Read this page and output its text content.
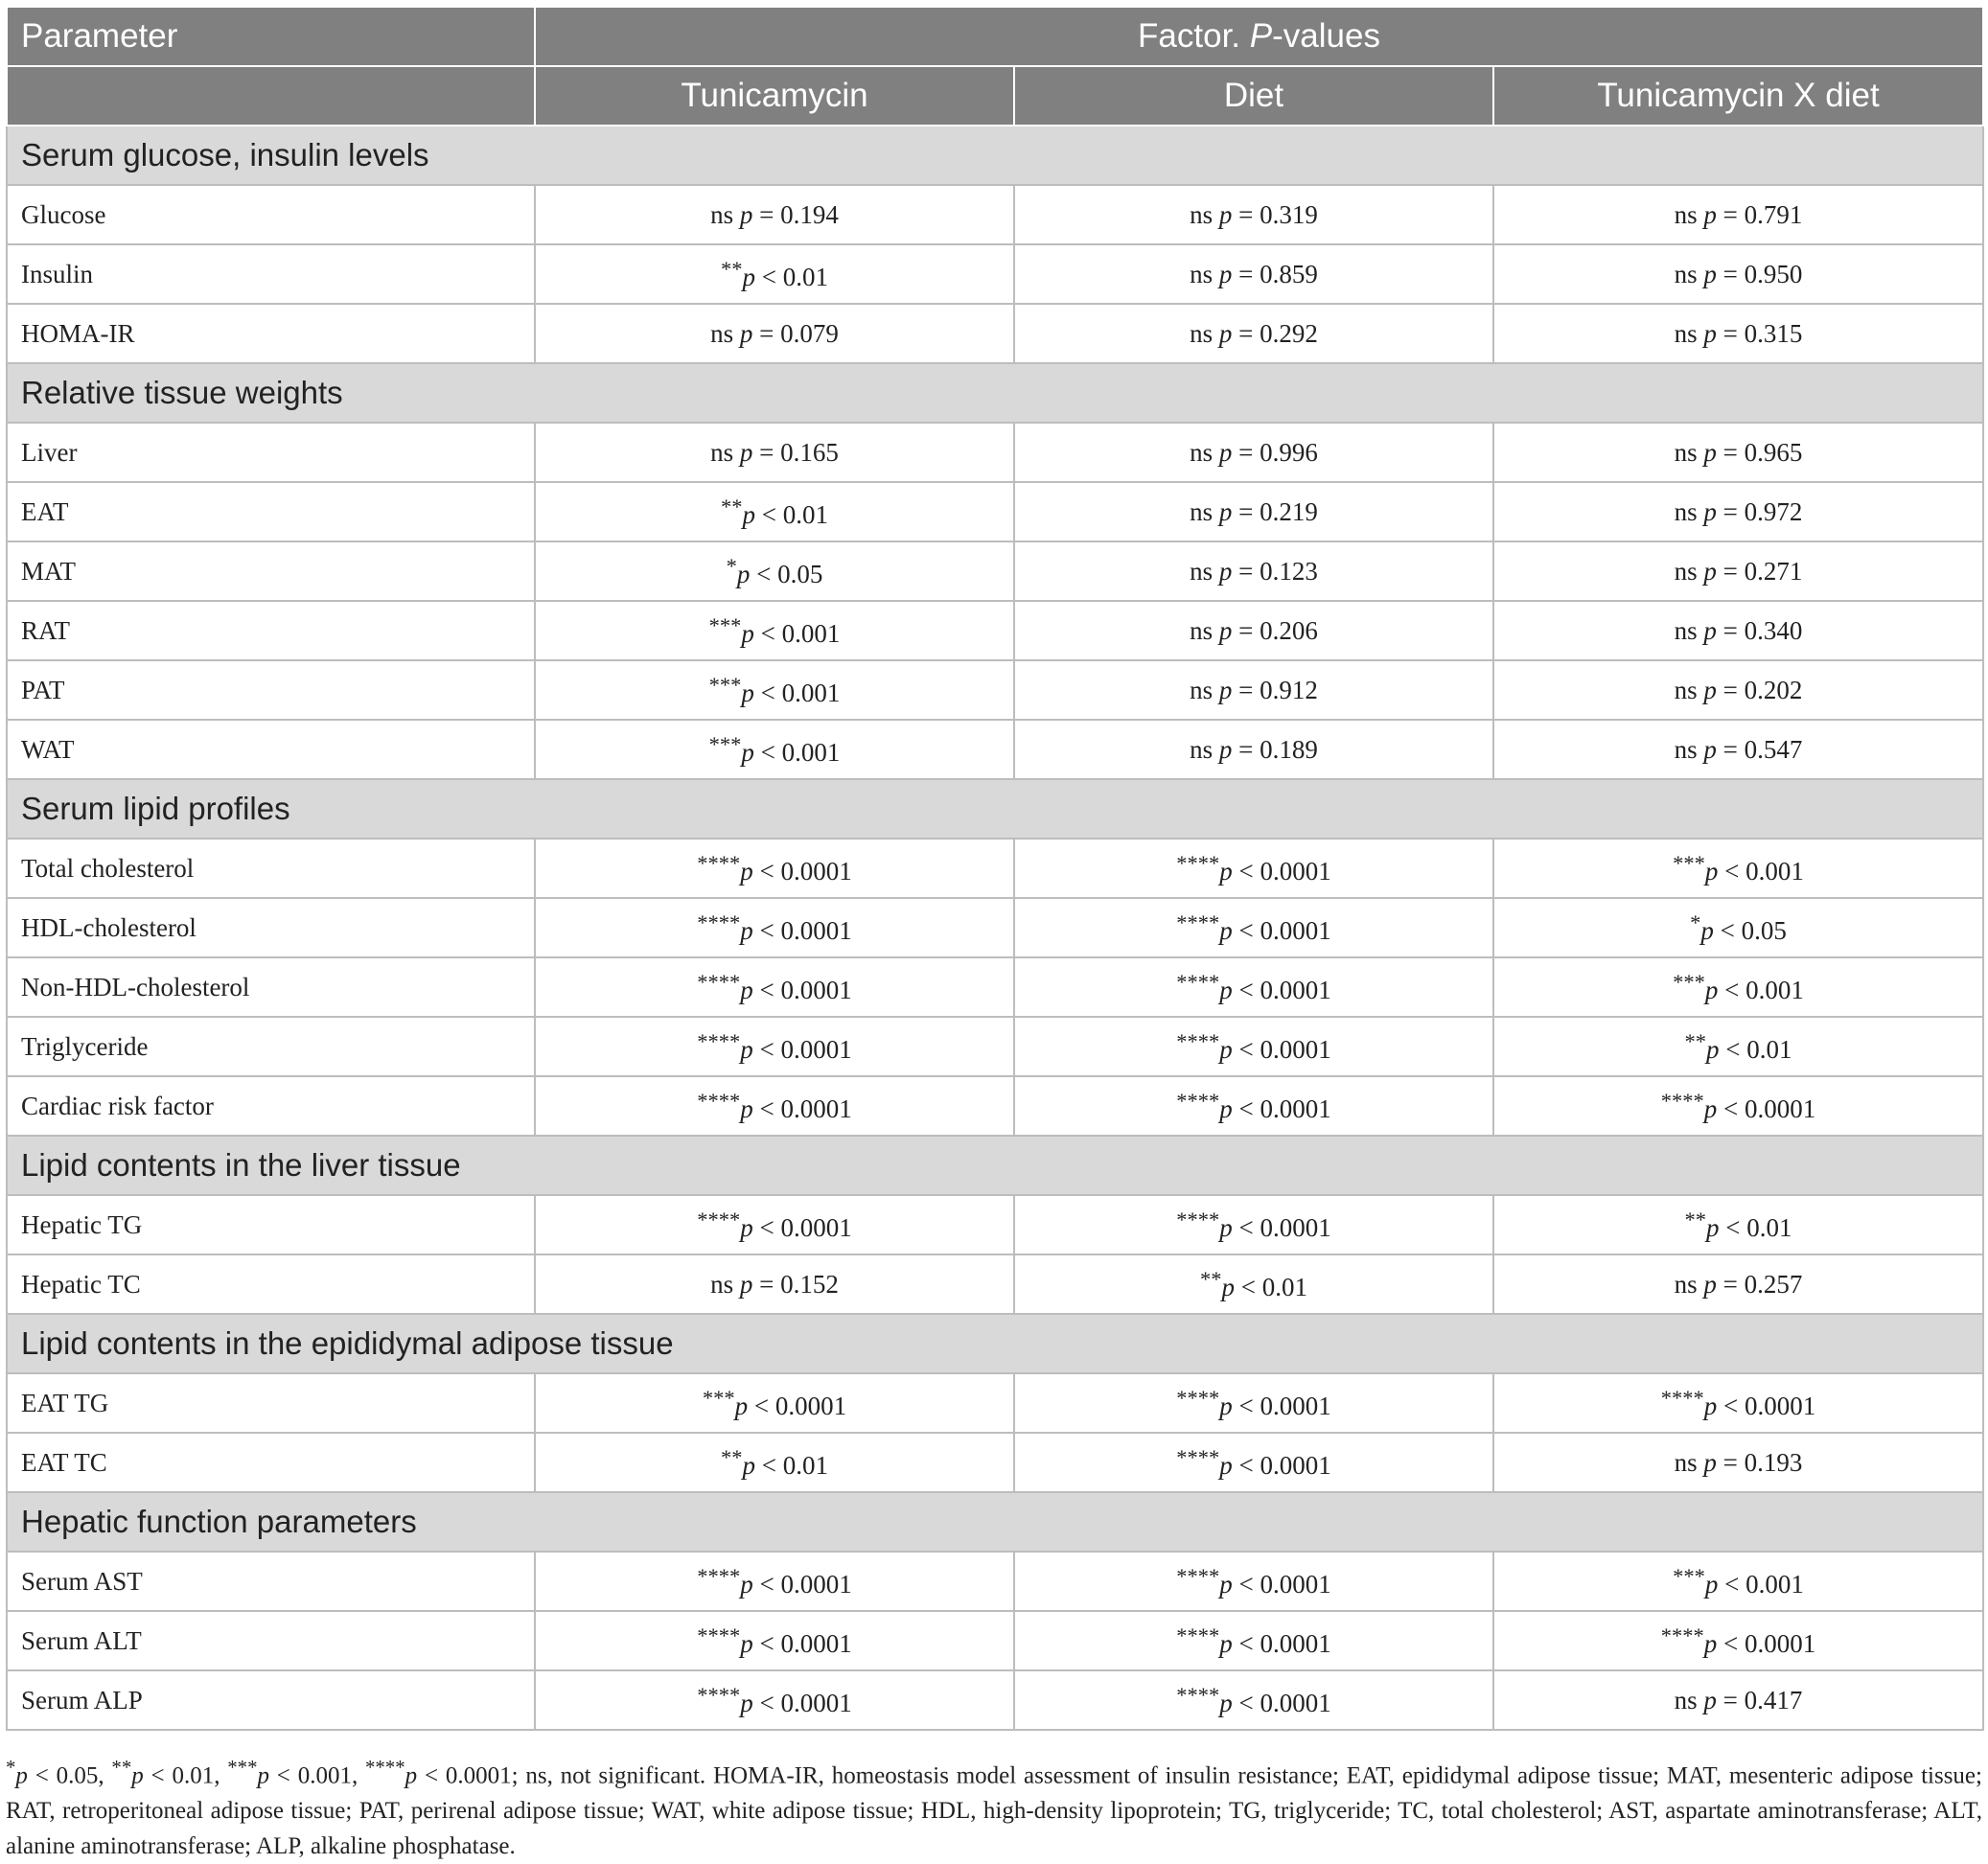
Parameter	Factor. P-values		
	Tunicamycin	Diet	Tunicamycin X diet
Serum glucose, insulin levels			
Glucose	ns p = 0.194	ns p = 0.319	ns p = 0.791
Insulin	**p < 0.01	ns p = 0.859	ns p = 0.950
HOMA-IR	ns p = 0.079	ns p = 0.292	ns p = 0.315
Relative tissue weights			
Liver	ns p = 0.165	ns p = 0.996	ns p = 0.965
EAT	**p < 0.01	ns p = 0.219	ns p = 0.972
MAT	*p < 0.05	ns p = 0.123	ns p = 0.271
RAT	***p < 0.001	ns p = 0.206	ns p = 0.340
PAT	***p < 0.001	ns p = 0.912	ns p = 0.202
WAT	***p < 0.001	ns p = 0.189	ns p = 0.547
Serum lipid profiles			
Total cholesterol	****p < 0.0001	****p < 0.0001	***p < 0.001
HDL-cholesterol	****p < 0.0001	****p < 0.0001	*p < 0.05
Non-HDL-cholesterol	****p < 0.0001	****p < 0.0001	***p < 0.001
Triglyceride	****p < 0.0001	****p < 0.0001	**p < 0.01
Cardiac risk factor	****p < 0.0001	****p < 0.0001	****p < 0.0001
Lipid contents in the liver tissue			
Hepatic TG	****p < 0.0001	****p < 0.0001	**p < 0.01
Hepatic TC	ns p = 0.152	**p < 0.01	ns p = 0.257
Lipid contents in the epididymal adipose tissue			
EAT TG	***p < 0.0001	****p < 0.0001	****p < 0.0001
EAT TC	**p < 0.01	****p < 0.0001	ns p = 0.193
Hepatic function parameters			
Serum AST	****p < 0.0001	****p < 0.0001	***p < 0.001
Serum ALT	****p < 0.0001	****p < 0.0001	****p < 0.0001
Serum ALP	****p < 0.0001	****p < 0.0001	ns p = 0.417
*p < 0.05, **p < 0.01, ***p < 0.001, ****p < 0.0001; ns, not significant. HOMA-IR, homeostasis model assessment of insulin resistance; EAT, epididymal adipose tissue; MAT, mesenteric adipose tissue; RAT, retroperitoneal adipose tissue; PAT, perirenal adipose tissue; WAT, white adipose tissue; HDL, high-density lipoprotein; TG, triglyceride; TC, total cholesterol; AST, aspartate aminotransferase; ALT, alanine aminotransferase; ALP, alkaline phosphatase.
